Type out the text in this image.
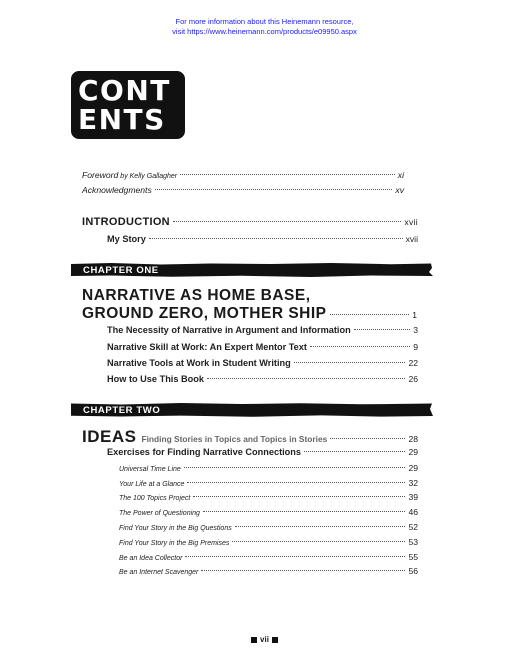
For more information about this Heinemann resource,
visit https://www.heinemann.com/products/e09950.aspx
CONT
ENTS
Foreword by Kelly Gallagher	xi
Acknowledgments	xv
INTRODUCTION	xvii
My Story	xvii
CHAPTER ONE
NARRATIVE AS HOME BASE,
GROUND ZERO, MOTHER SHIP	1
The Necessity of Narrative in Argument and Information	3
Narrative Skill at Work: An Expert Mentor Text	9
Narrative Tools at Work in Student Writing	22
How to Use This Book	26
CHAPTER TWO
IDEAS Finding Stories in Topics and Topics in Stories	28
Exercises for Finding Narrative Connections	29
Universal Time Line	29
Your Life at a Glance	32
The 100 Topics Project	39
The Power of Questioning	46
Find Your Story in the Big Questions	52
Find Your Story in the Big Premises	53
Be an Idea Collector	55
Be an Internet Scavenger	56
vii
